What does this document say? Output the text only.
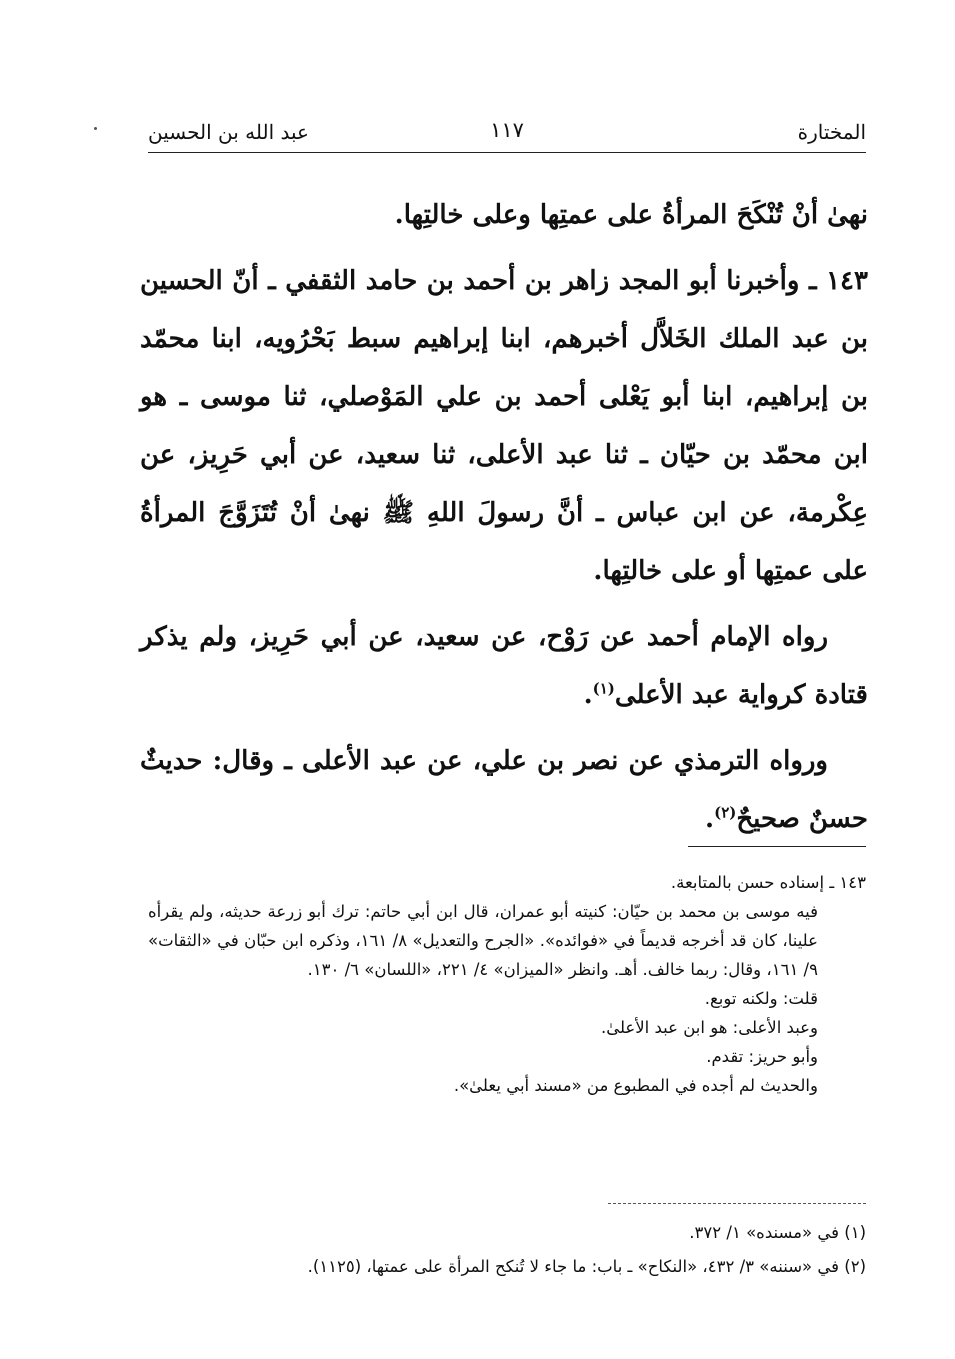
المختارة
١١٧
عبد الله بن الحسين

نهىٰ أنْ تُنْكَحَ المرأةُ على عمتِها وعلى خالتِها.

١٤٣ ـ وأخبرنا أبو المجد زاهر بن أحمد بن حامد الثقفي ـ أنّ الحسين بن عبد الملك الخَلاَّل أخبرهم، ابنا إبراهيم سبط بَحْرُويه، ابنا محمّد بن إبراهيم، ابنا أبو يَعْلى أحمد بن علي المَوْصلي، ثنا موسى ـ هو ابن محمّد بن حيّان ـ ثنا عبد الأعلى، ثنا سعيد، عن أبي حَرِيز، عن عِكْرمة، عن ابن عباس ـ أنَّ رسولَ اللهِ ﷺ نهىٰ أنْ تُتَزَوَّجَ المرأةُ على عمتِها أو على خالتِها.

رواه الإمام أحمد عن رَوْح، عن سعيد، عن أبي حَرِيز، ولم يذكر قتادة كرواية عبد الأعلى$^{(١)}$.

ورواه الترمذي عن نصر بن علي، عن عبد الأعلى ـ وقال: حديثٌ حسنٌ صحيحٌ$^{(٢)}$.

١٤٣ ـ إسناده حسن بالمتابعة.

فيه موسى بن محمد بن حيّان: كنيته أبو عمران، قال ابن أبي حاتم: ترك أبو زرعة حديثه، ولم يقرأه علينا، كان قد أخرجه قديماً في «فوائده». «الجرح والتعديل» ٨/ ١٦١، وذكره ابن حبّان في «الثقات» ٩/ ١٦١، وقال: ربما خالف. أهـ. وانظر «الميزان» ٤/ ٢٢١، «اللسان» ٦/ ١٣٠.

قلت: ولكنه توبع.

وعبد الأعلى: هو ابن عبد الأعلىٰ.

وأبو حريز: تقدم.

والحديث لم أجده في المطبوع من «مسند أبي يعلىٰ».

(١) في «مسنده» ١/ ٣٧٢.

(٢) في «سننه» ٣/ ٤٣٢، «النكاح» ـ باب: ما جاء لا تُنكح المرأة على عمتها، (١١٢٥).
